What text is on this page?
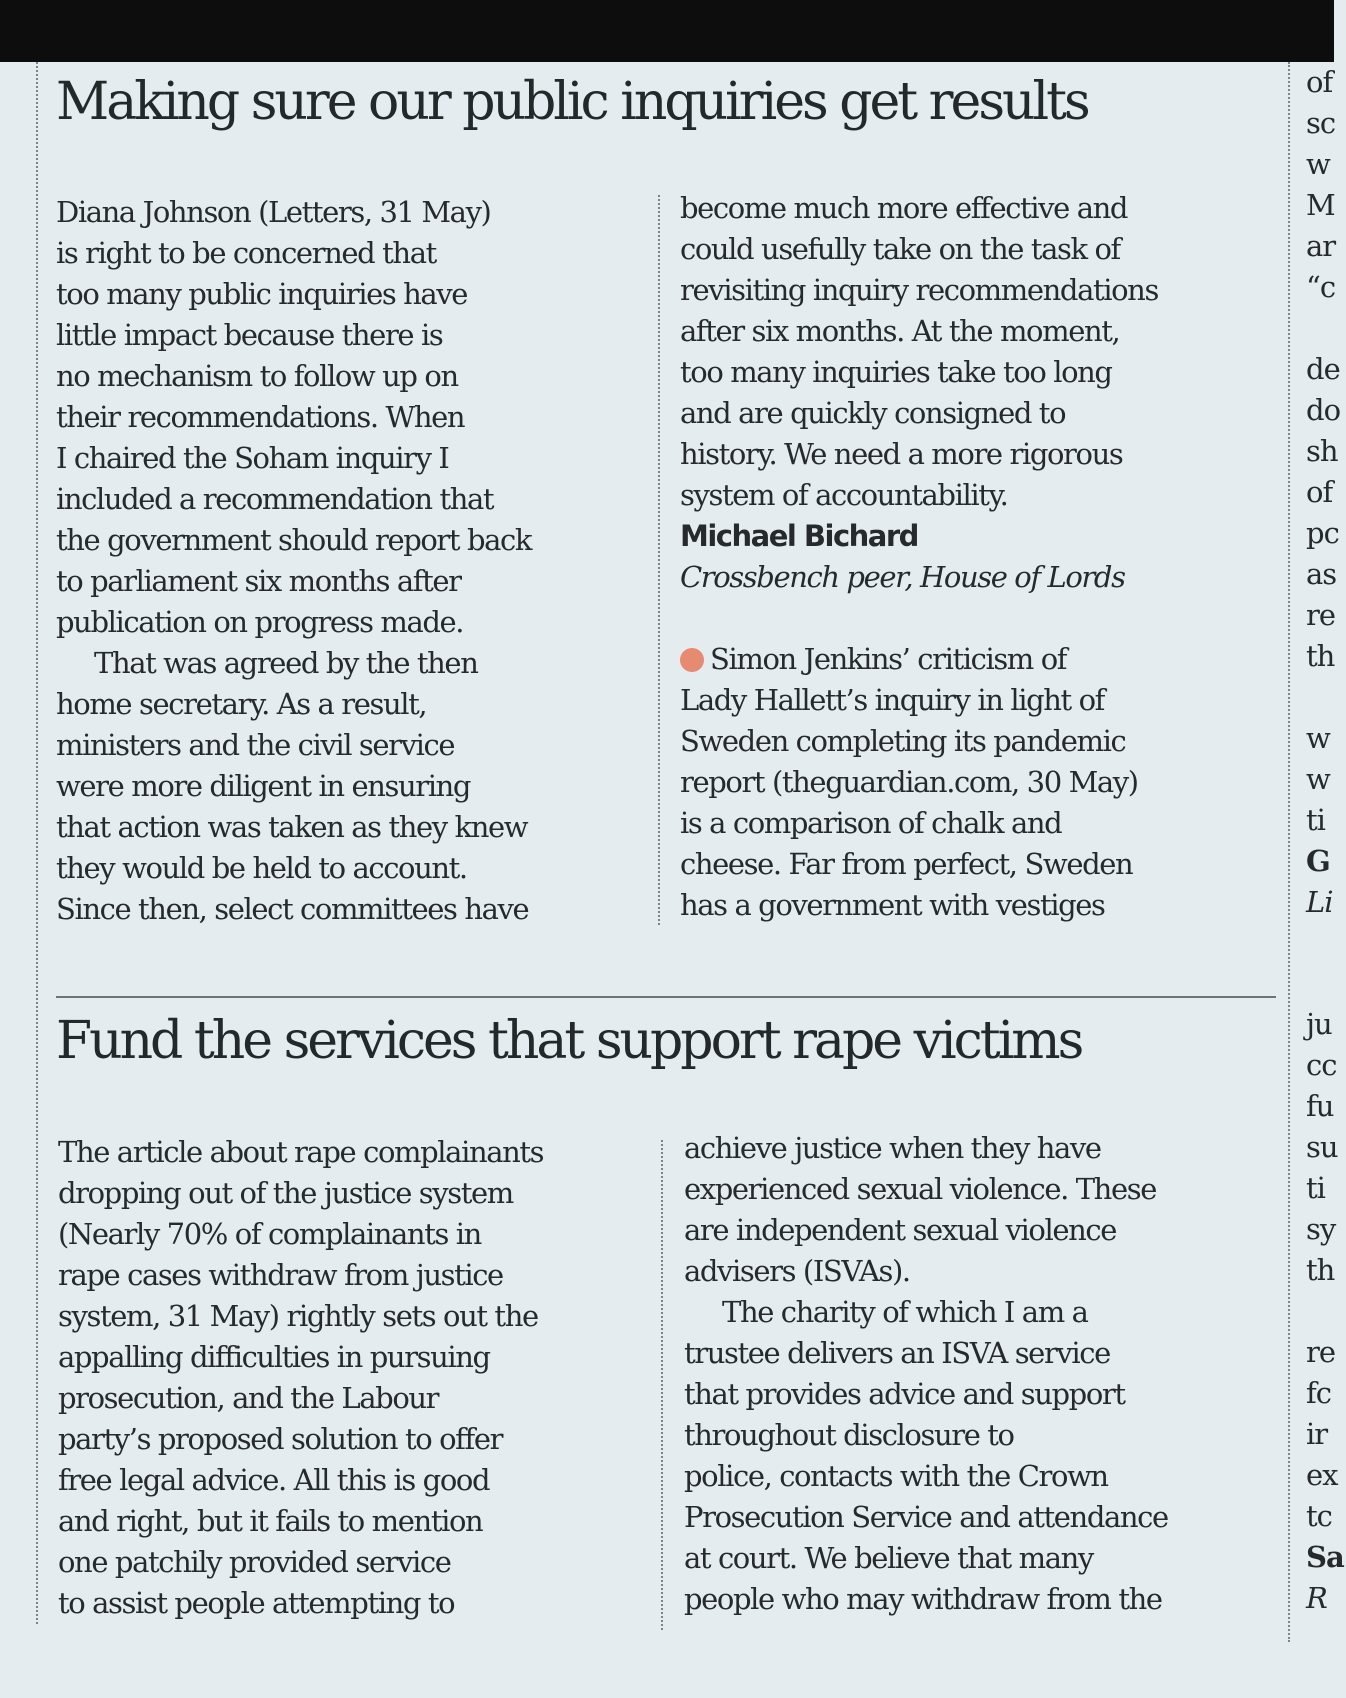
Making sure our public inquiries get results

Diana Johnson (Letters, 31 May)

is right to be concerned that

too many public inquiries have

little impact because there is

no mechanism to follow up on

their recommendations. When

I chaired the Soham inquiry I

included a recommendation that

the government should report back

to parliament six months after

publication on progress made.

That was agreed by the then

home secretary. As a result,

ministers and the civil service

were more diligent in ensuring

that action was taken as they knew

they would be held to account.

Since then, select committees have

become much more effective and

could usefully take on the task of

revisiting inquiry recommendations

after six months. At the moment,

too many inquiries take too long

and are quickly consigned to

history. We need a more rigorous

system of accountability.

Michael Bichard

Crossbench peer, House of Lords

Simon Jenkins’ criticism of

Lady Hallett’s inquiry in light of

Sweden completing its pandemic

report (theguardian.com, 30 May)

is a comparison of chalk and

cheese. Far from perfect, Sweden

has a government with vestiges

Fund the services that support rape victims

The article about rape complainants

dropping out of the justice system

(Nearly 70% of complainants in

rape cases withdraw from justice

system, 31 May) rightly sets out the

appalling difficulties in pursuing

prosecution, and the Labour

party’s proposed solution to offer

free legal advice. All this is good

and right, but it fails to mention

one patchily provided service

to assist people attempting to

achieve justice when they have

experienced sexual violence. These

are independent sexual violence

advisers (ISVAs).

The charity of which I am a

trustee delivers an ISVA service

that provides advice and support

throughout disclosure to

police, contacts with the Crown

Prosecution Service and attendance

at court. We believe that many

people who may withdraw from the

of

sc

w

M

ar

“c

de

do

sh

of

pc

as

re

th

w

w

ti

G

Li

ju

cc

fu

su

ti

sy

th

re

fc

ir

ex

tc

Sa

R
